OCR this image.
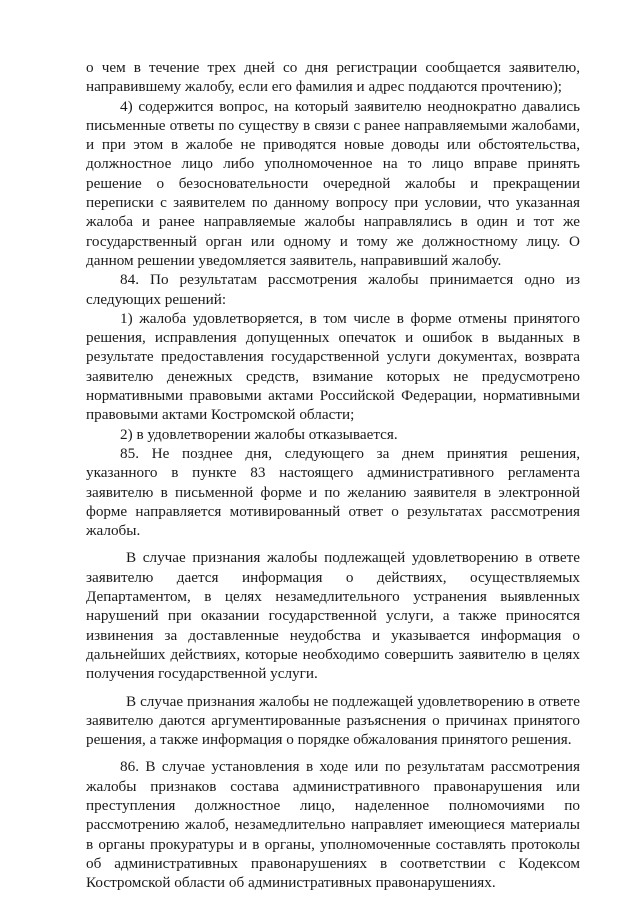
о чем в течение трех дней со дня регистрации сообщается заявителю, направившему жалобу, если его фамилия и адрес поддаются прочтению);

4) содержится вопрос, на который заявителю неоднократно давались письменные ответы по существу в связи с ранее направляемыми жалобами, и при этом в жалобе не приводятся новые доводы или обстоятельства, должностное лицо либо уполномоченное на то лицо вправе принять решение о безосновательности очередной жалобы и прекращении переписки с заявителем по данному вопросу при условии, что указанная жалоба и ранее направляемые жалобы направлялись в один и тот же государственный орган или одному и тому же должностному лицу. О данном решении уведомляется заявитель, направивший жалобу.

84. По результатам рассмотрения жалобы принимается одно из следующих решений:

1) жалоба удовлетворяется, в том числе в форме отмены принятого решения, исправления допущенных опечаток и ошибок в выданных в результате предоставления государственной услуги документах, возврата заявителю денежных средств, взимание которых не предусмотрено нормативными правовыми актами Российской Федерации, нормативными правовыми актами Костромской области;

2) в удовлетворении жалобы отказывается.

85. Не позднее дня, следующего за днем принятия решения, указанного в пункте 83 настоящего административного регламента заявителю в письменной форме и по желанию заявителя в электронной форме направляется мотивированный ответ о результатах рассмотрения жалобы.

В случае признания жалобы подлежащей удовлетворению в ответе заявителю дается информация о действиях, осуществляемых Департаментом, в целях незамедлительного устранения выявленных нарушений при оказании государственной услуги, а также приносятся извинения за доставленные неудобства и указывается информация о дальнейших действиях, которые необходимо совершить заявителю в целях получения государственной услуги.

В случае признания жалобы не подлежащей удовлетворению в ответе заявителю даются аргументированные разъяснения о причинах принятого решения, а также информация о порядке обжалования принятого решения.

86. В случае установления в ходе или по результатам рассмотрения жалобы признаков состава административного правонарушения или преступления должностное лицо, наделенное полномочиями по рассмотрению жалоб, незамедлительно направляет имеющиеся материалы в органы прокуратуры и в органы, уполномоченные составлять протоколы об административных правонарушениях в соответствии с Кодексом Костромской области об административных правонарушениях.
